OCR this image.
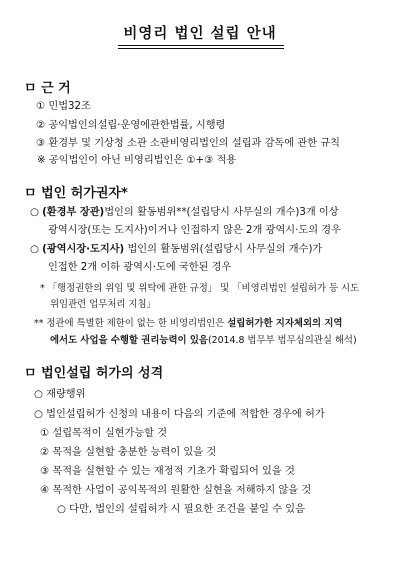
비영리 법인 설립 안내
ㅁ 근 거
① 민법32조
② 공익법인의설립·운영에관한법률, 시행령
③ 환경부 및 기상청 소관 소관비영리법인의 설립과 감독에 관한 규칙
※ 공익법인이 아닌 비영리법인은 ①+③ 적용
ㅁ 법인 허가권자*
○ (환경부 장관)법인의 활동범위**(설립당시 사무실의 개수)3개 이상
광역시장(또는 도지사)이거나 인접하지 않은 2개 광역시·도의 경우
○ (광역시장·도지사) 법인의 활동범위(설립당시 사무실의 개수)가
인접한 2개 이하 광역시·도에 국한된 경우
* 「행정권한의 위임 및 위탁에 관한 규정」 및 「비영리법인 설립허가 등 시도
위임관련 업무처리 지침」
** 정관에 특별한 제한이 없는 한 비영리법인은 설립허가한 지자체외의 지역
에서도 사업을 수행할 권리능력이 있음(2014.8 법무부 법무심의관실 해석)
ㅁ 법인설립 허가의 성격
○ 재량행위
○ 법인설립허가 신청의 내용이 다음의 기준에 적합한 경우에 허가
① 설립목적이 실현가능할 것
② 목적을 실현할 충분한 능력이 있을 것
③ 목적을 실현할 수 있는 재정적 기초가 확립되어 있을 것
④ 목적한 사업이 공익목적의 원활한 실현을 저해하지 않을 것
○ 다만, 법인의 설립허가 시 필요한 조건을 붙일 수 있음
